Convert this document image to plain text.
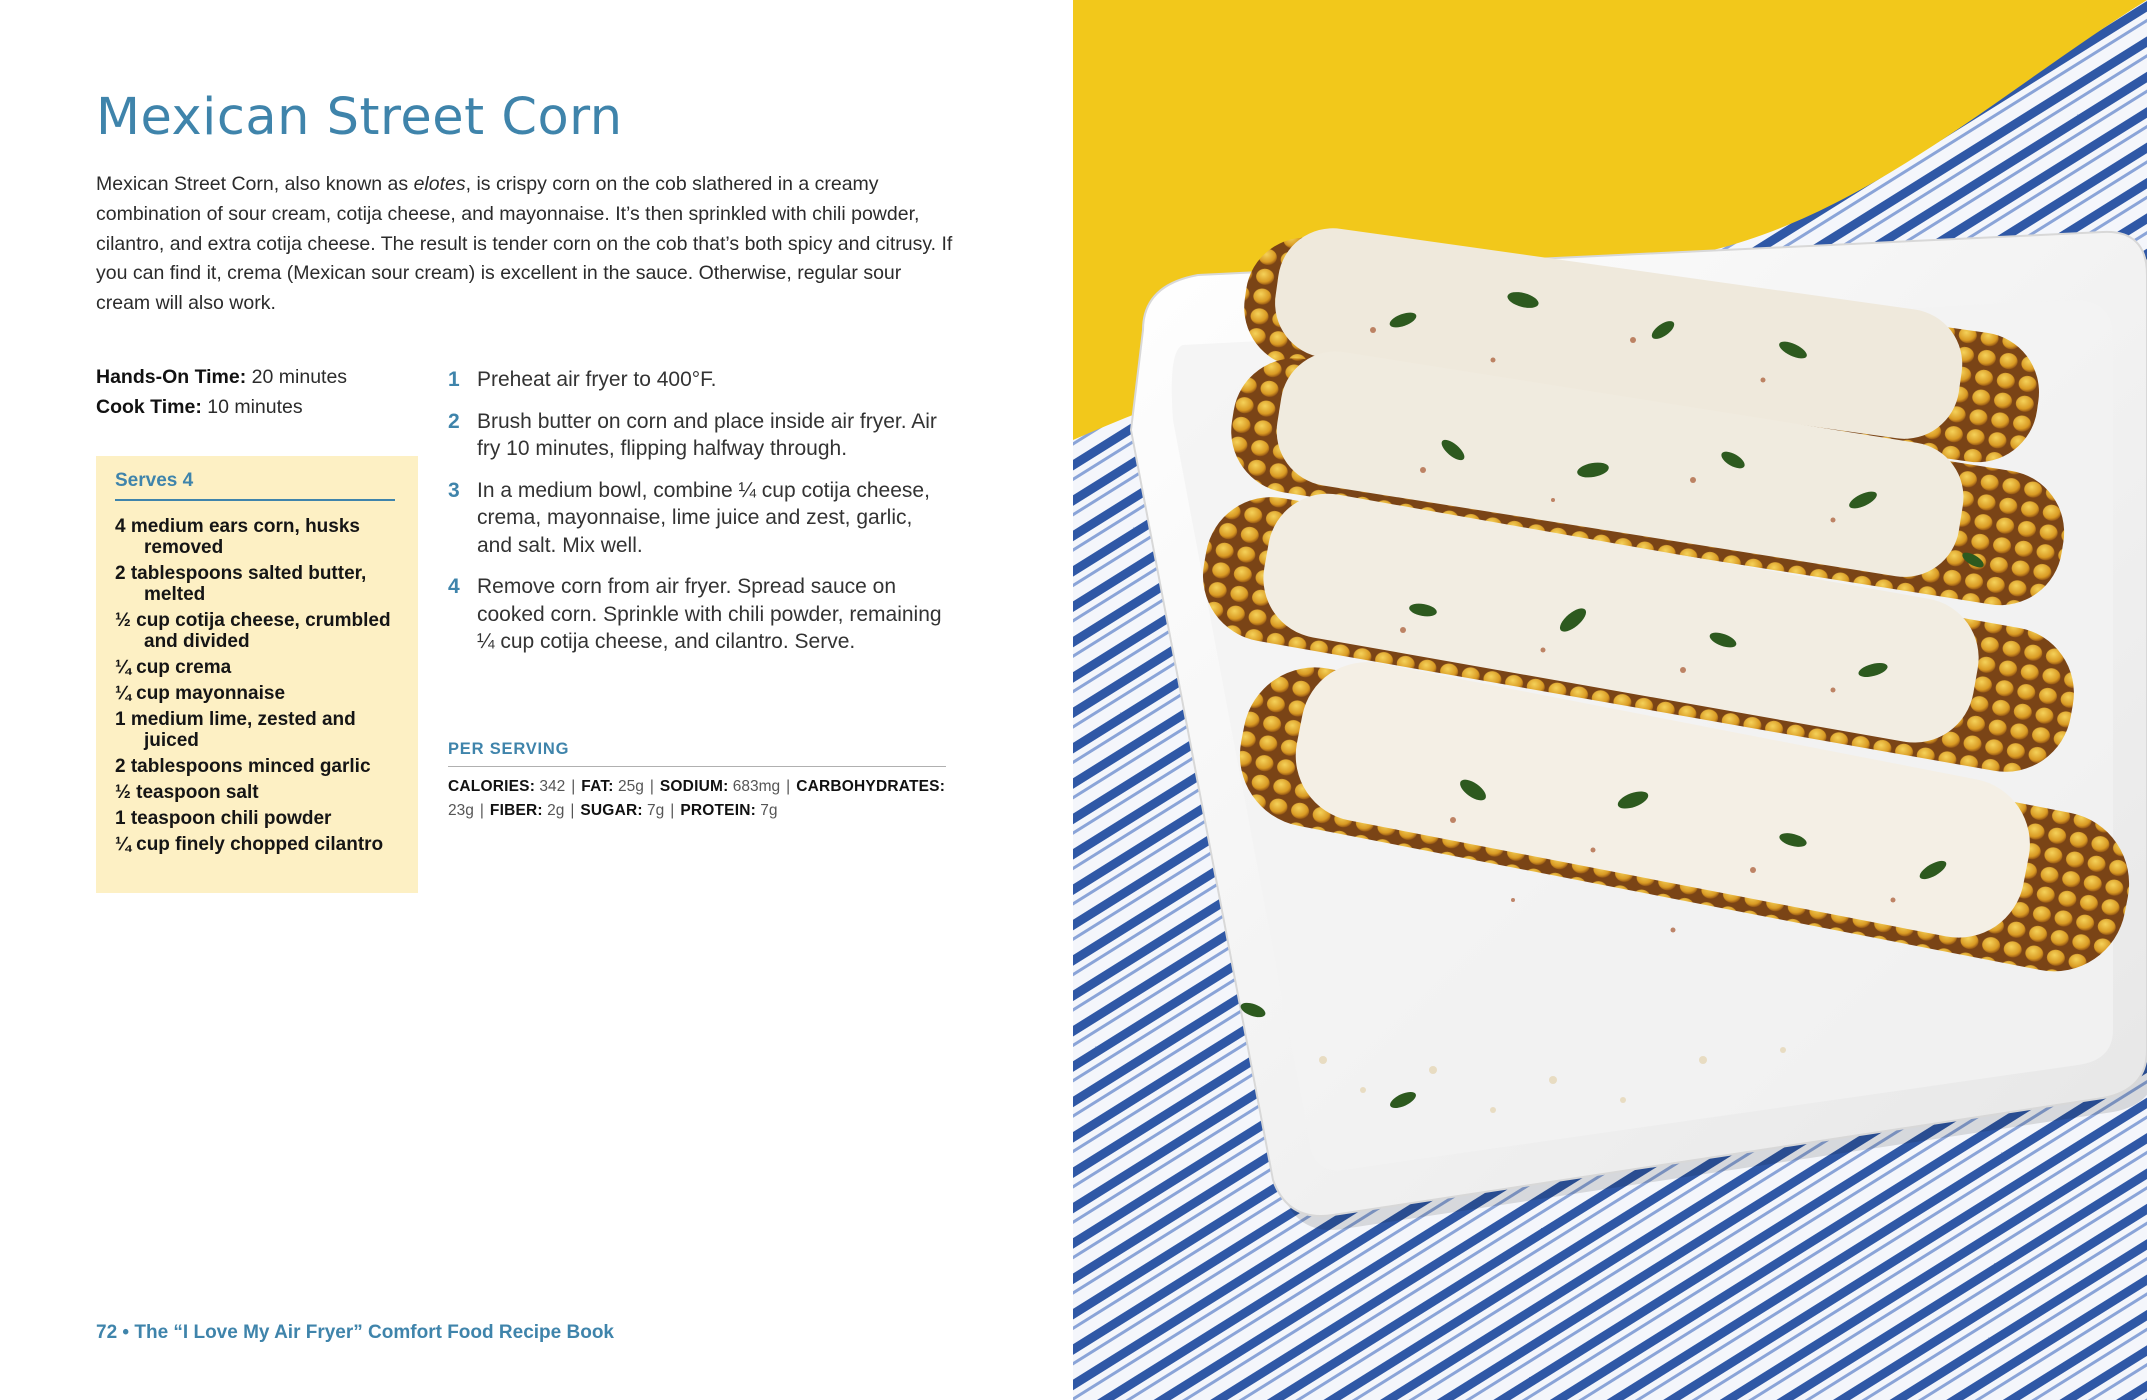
Mexican Street Corn

Mexican Street Corn, also known as elotes, is crispy corn on the cob slathered in a creamy combination of sour cream, cotija cheese, and mayonnaise. It’s then sprinkled with chili powder, cilantro, and extra cotija cheese. The result is tender corn on the cob that’s both spicy and citrusy. If you can find it, crema (Mexican sour cream) is excellent in the sauce. Otherwise, regular sour cream will also work.

Hands-On Time: 20 minutes
Cook Time: 10 minutes
Serves 4
4 medium ears corn, husks removed
2 tablespoons salted butter, melted
½ cup cotija cheese, crumbled and divided
¼ cup crema
¼ cup mayonnaise
1 medium lime, zested and juiced
2 tablespoons minced garlic
½ teaspoon salt
1 teaspoon chili powder
¼ cup finely chopped cilantro
1 Preheat air fryer to 400°F.
2 Brush butter on corn and place inside air fryer. Air fry 10 minutes, flipping halfway through.
3 In a medium bowl, combine ¼ cup cotija cheese, crema, mayonnaise, lime juice and zest, garlic, and salt. Mix well.
4 Remove corn from air fryer. Spread sauce on cooked corn. Sprinkle with chili powder, remaining ¼ cup cotija cheese, and cilantro. Serve.
PER SERVING
CALORIES: 342 | FAT: 25g | SODIUM: 683mg | CARBOHYDRATES:
23g | FIBER: 2g | SUGAR: 7g | PROTEIN: 7g
72 • The “I Love My Air Fryer” Comfort Food Recipe Book
